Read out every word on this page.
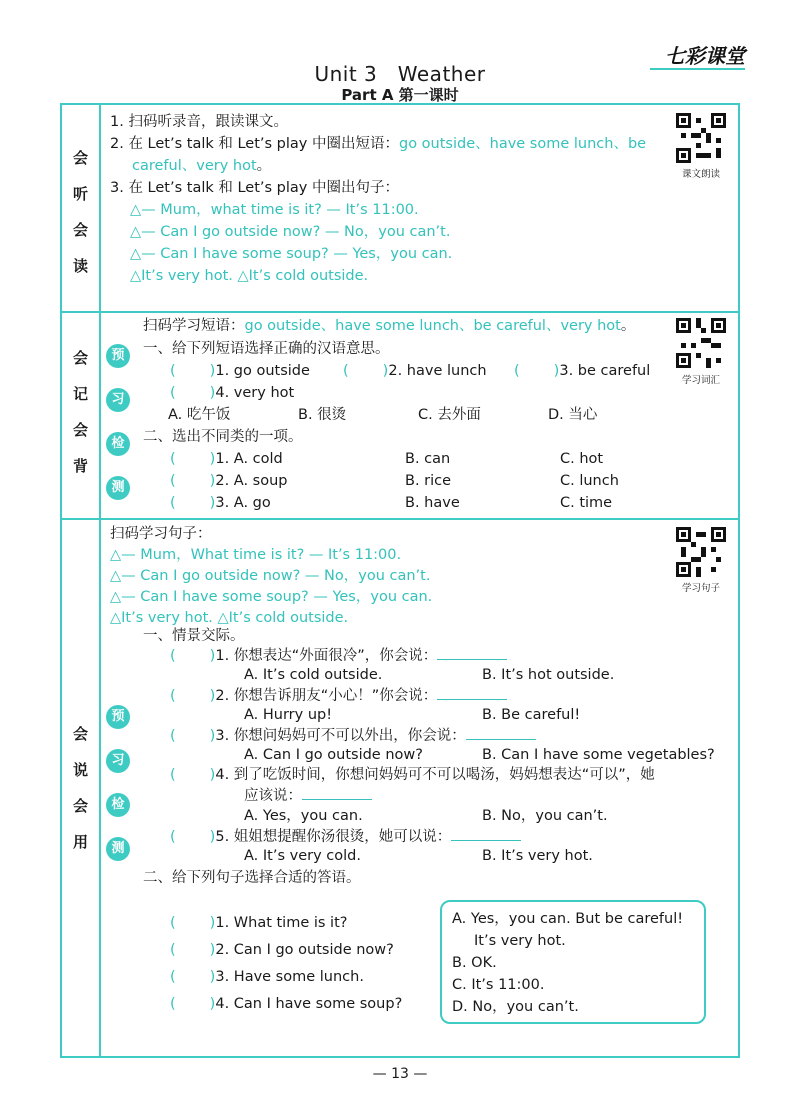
七彩课堂
Unit 3　Weather
Part A 第一课时
会
听
会
读
会
记
会
背
会
说
会
用
预
习
检
测
预
习
检
测
课文朗读
学习词汇
学习句子
1. 扫码听录音，跟读课文。
2. 在 Let’s talk 和 Let’s play 中圈出短语：go outside、have some lunch、be
careful、very hot。
3. 在 Let’s talk 和 Let’s play 中圈出句子：
△— Mum，what time is it? — It’s 11:00.
△— Can I go outside now? — No，you can’t.
△— Can I have some soup? — Yes，you can.
△It’s very hot. △It’s cold outside.
扫码学习短语：go outside、have some lunch、be careful、very hot。
一、给下列短语选择正确的汉语意思。
( )1. go outside ( )2. have lunch ( )3. be careful
( )4. very hot
A. 吃午饭	B. 很烫	C. 去外面	D. 当心
二、选出不同类的一项。
( )1. A. cold	B. can	C. hot
( )2. A. soup	B. rice	C. lunch
( )3. A. go	B. have	C. time
扫码学习句子：
△— Mum，What time is it? — It’s 11:00.
△— Can I go outside now? — No，you can’t.
△— Can I have some soup? — Yes，you can.
△It’s very hot. △It’s cold outside.
一、情景交际。
( )1. 你想表达“外面很冷”，你会说：
A. It’s cold outside.	B. It’s hot outside.
( )2. 你想告诉朋友“小心！”你会说：
A. Hurry up!	B. Be careful!
( )3. 你想问妈妈可不可以外出，你会说：
A. Can I go outside now?	B. Can I have some vegetables?
( )4. 到了吃饭时间，你想问妈妈可不可以喝汤，妈妈想表达“可以”，她
应该说：
A. Yes，you can.	B. No，you can’t.
( )5. 姐姐想提醒你汤很烫，她可以说：
A. It’s very cold.	B. It’s very hot.
二、给下列句子选择合适的答语。
( )1. What time is it?
( )2. Can I go outside now?
( )3. Have some lunch.
( )4. Can I have some soup?
A. Yes，you can. But be careful!
It’s very hot.
B. OK.
C. It’s 11:00.
D. No，you can’t.
— 13 —
